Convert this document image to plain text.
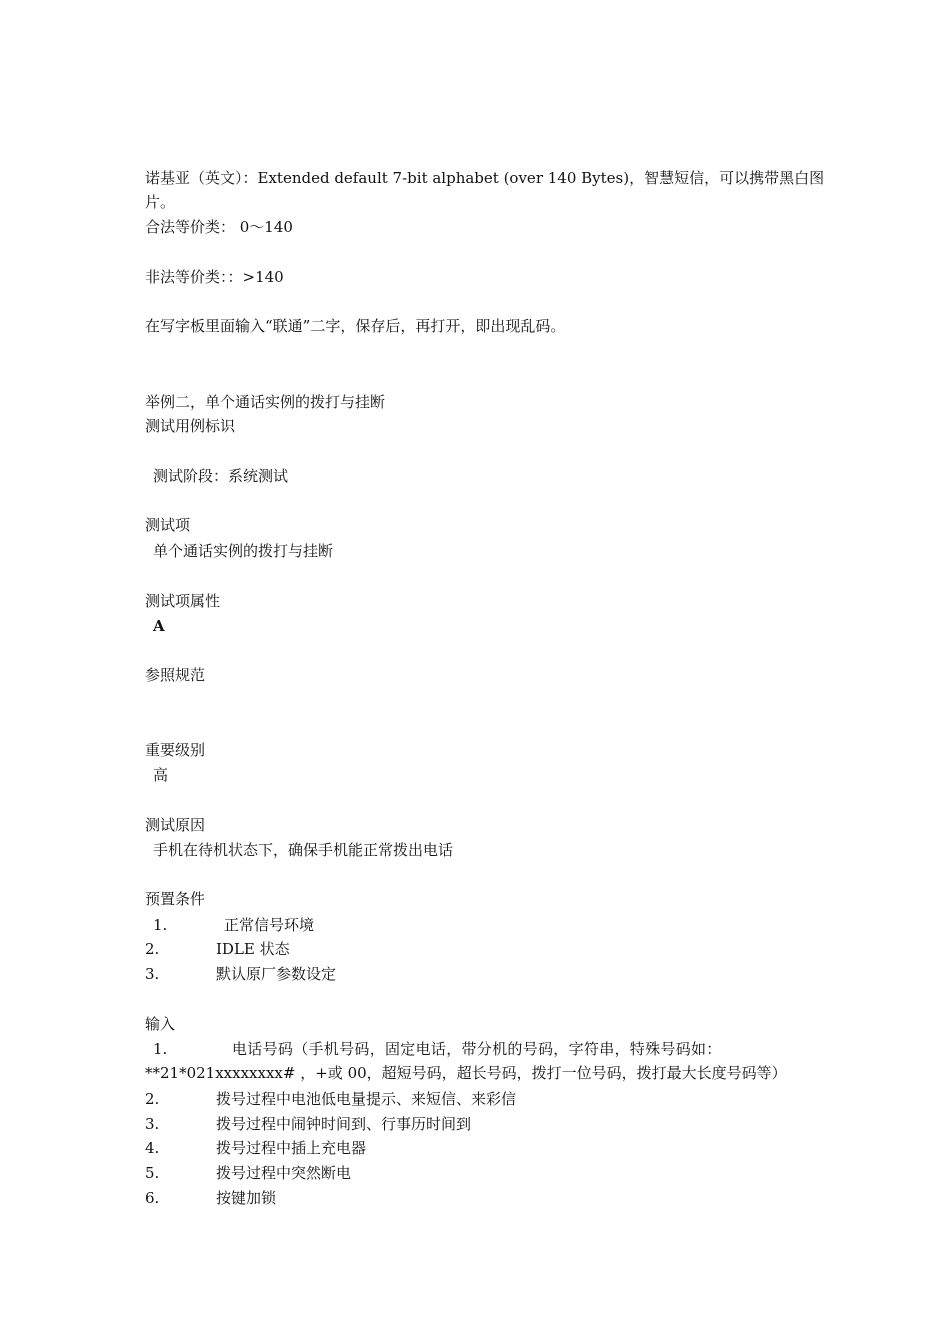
诺基亚（英文）：Extended default 7-bit alphabet (over 140 Bytes)，智慧短信，可以携带黑白图
片。
合法等价类： 0～140
非法等价类：：>140
在写字板里面输入“联通”二字，保存后，再打开，即出现乱码。
举例二，单个通话实例的拨打与挂断
测试用例标识
测试阶段：系统测试
测试项
单个通话实例的拨打与挂断
测试项属性
A
参照规范
重要级别
高
测试原因
手机在待机状态下，确保手机能正常拨出电话
预置条件
1.	正常信号环境
2.	IDLE 状态
3.	默认原厂参数设定
输入
1.	电话号码（手机号码，固定电话，带分机的号码，字符串，特殊号码如：
**21*021xxxxxxxx# ，+或 00，超短号码，超长号码，拨打一位号码，拨打最大长度号码等）
2.	拨号过程中电池低电量提示、来短信、来彩信
3.	拨号过程中闹钟时间到、行事历时间到
4.	拨号过程中插上充电器
5.	拨号过程中突然断电
6.	按键加锁
